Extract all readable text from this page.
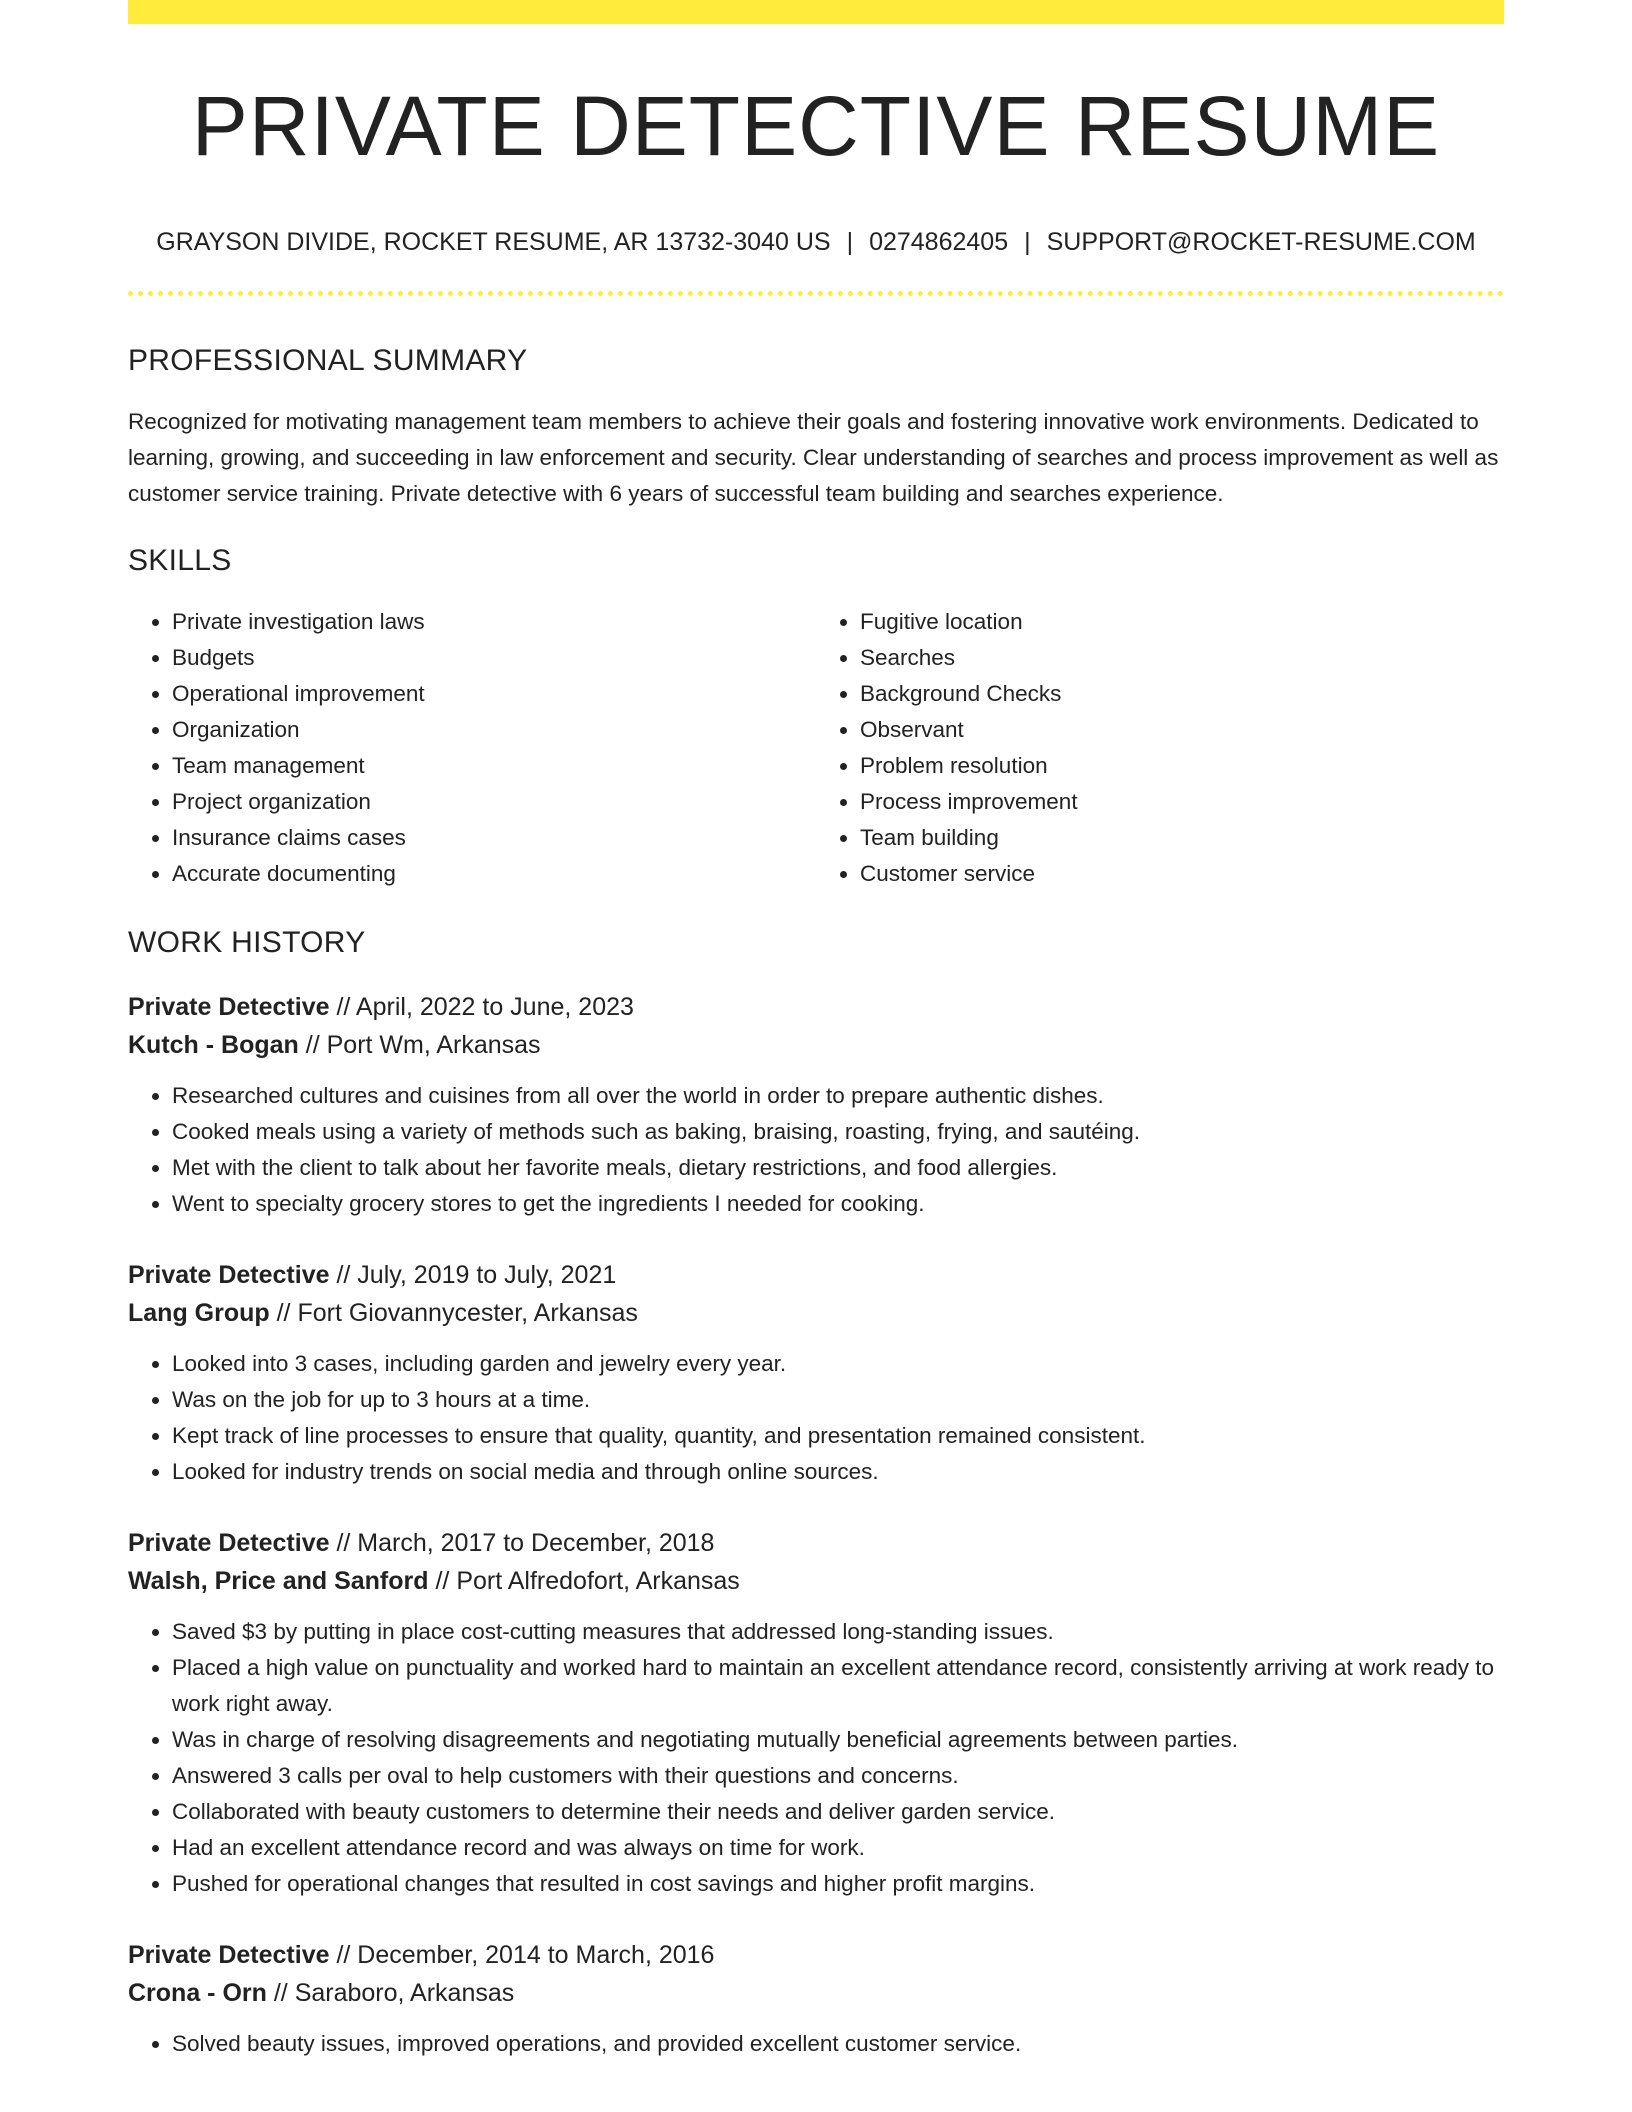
PRIVATE DETECTIVE RESUME
GRAYSON DIVIDE, ROCKET RESUME, AR 13732-3040 US | 0274862405 | SUPPORT@ROCKET-RESUME.COM
PROFESSIONAL SUMMARY
Recognized for motivating management team members to achieve their goals and fostering innovative work environments. Dedicated to learning, growing, and succeeding in law enforcement and security. Clear understanding of searches and process improvement as well as customer service training. Private detective with 6 years of successful team building and searches experience.
SKILLS
• Private investigation laws
• Budgets
• Operational improvement
• Organization
• Team management
• Project organization
• Insurance claims cases
• Accurate documenting
• Fugitive location
• Searches
• Background Checks
• Observant
• Problem resolution
• Process improvement
• Team building
• Customer service
WORK HISTORY
Private Detective // April, 2022 to June, 2023
Kutch - Bogan // Port Wm, Arkansas
• Researched cultures and cuisines from all over the world in order to prepare authentic dishes.
• Cooked meals using a variety of methods such as baking, braising, roasting, frying, and sautéing.
• Met with the client to talk about her favorite meals, dietary restrictions, and food allergies.
• Went to specialty grocery stores to get the ingredients I needed for cooking.
Private Detective // July, 2019 to July, 2021
Lang Group // Fort Giovannycester, Arkansas
• Looked into 3 cases, including garden and jewelry every year.
• Was on the job for up to 3 hours at a time.
• Kept track of line processes to ensure that quality, quantity, and presentation remained consistent.
• Looked for industry trends on social media and through online sources.
Private Detective // March, 2017 to December, 2018
Walsh, Price and Sanford // Port Alfredofort, Arkansas
• Saved $3 by putting in place cost-cutting measures that addressed long-standing issues.
• Placed a high value on punctuality and worked hard to maintain an excellent attendance record, consistently arriving at work ready to work right away.
• Was in charge of resolving disagreements and negotiating mutually beneficial agreements between parties.
• Answered 3 calls per oval to help customers with their questions and concerns.
• Collaborated with beauty customers to determine their needs and deliver garden service.
• Had an excellent attendance record and was always on time for work.
• Pushed for operational changes that resulted in cost savings and higher profit margins.
Private Detective // December, 2014 to March, 2016
Crona - Orn // Saraboro, Arkansas
• Solved beauty issues, improved operations, and provided excellent customer service.
